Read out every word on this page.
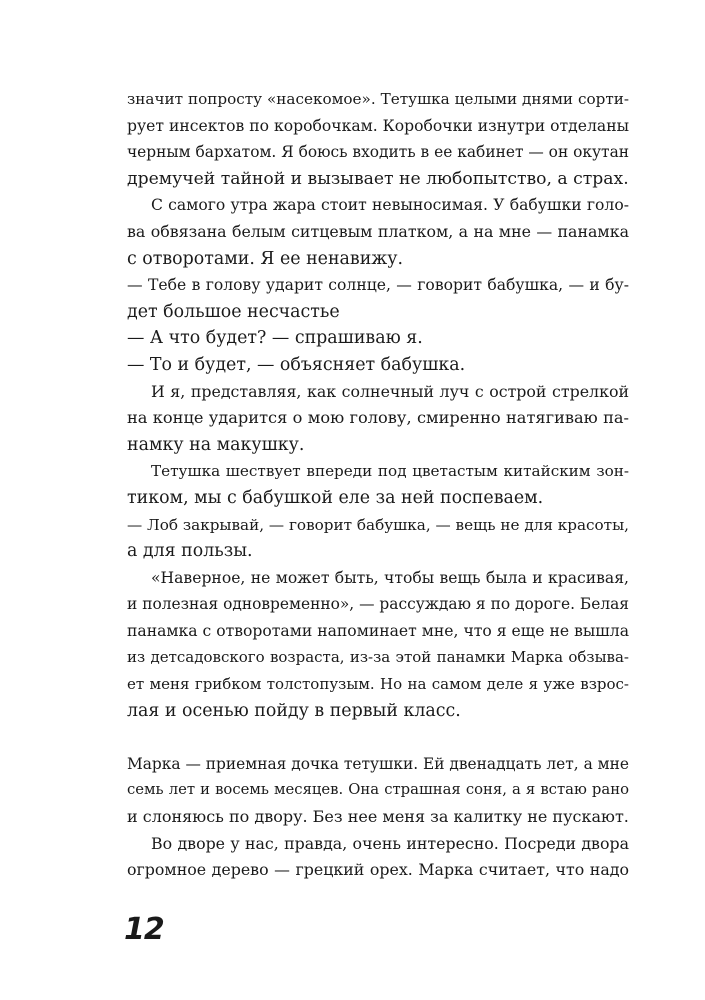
значит попросту «насекомое». Тетушка целыми днями сорти-
рует инсектов по коробочкам. Коробочки изнутри отделаны
черным бархатом. Я боюсь входить в ее кабинет — он окутан
дремучей тайной и вызывает не любопытство, а страх.
С самого утра жара стоит невыносимая. У бабушки голо-
ва обвязана белым ситцевым платком, а на мне — панамка
с отворотами. Я ее ненавижу.
— Тебе в голову ударит солнце, — говорит бабушка, — и бу-
дет большое несчастье
— А что будет? — спрашиваю я.
— То и будет, — объясняет бабушка.
И я, представляя, как солнечный луч с острой стрелкой
на конце ударится о мою голову, смиренно натягиваю па-
намку на макушку.
Тетушка шествует впереди под цветастым китайским зон-
тиком, мы с бабушкой еле за ней поспеваем.
— Лоб закрывай, — говорит бабушка, — вещь не для красоты,
а для пользы.
«Наверное, не может быть, чтобы вещь была и красивая,
и полезная одновременно», — рассуждаю я по дороге. Белая
панамка с отворотами напоминает мне, что я еще не вышла
из детсадовского возраста, из-за этой панамки Марка обзыва-
ет меня грибком толстопузым. Но на самом деле я уже взрос-
лая и осенью пойду в первый класс.
Марка — приемная дочка тетушки. Ей двенадцать лет, а мне
семь лет и восемь месяцев. Она страшная соня, а я встаю рано
и слоняюсь по двору. Без нее меня за калитку не пускают.
Во дворе у нас, правда, очень интересно. Посреди двора
огромное дерево — грецкий орех. Марка считает, что надо
12
